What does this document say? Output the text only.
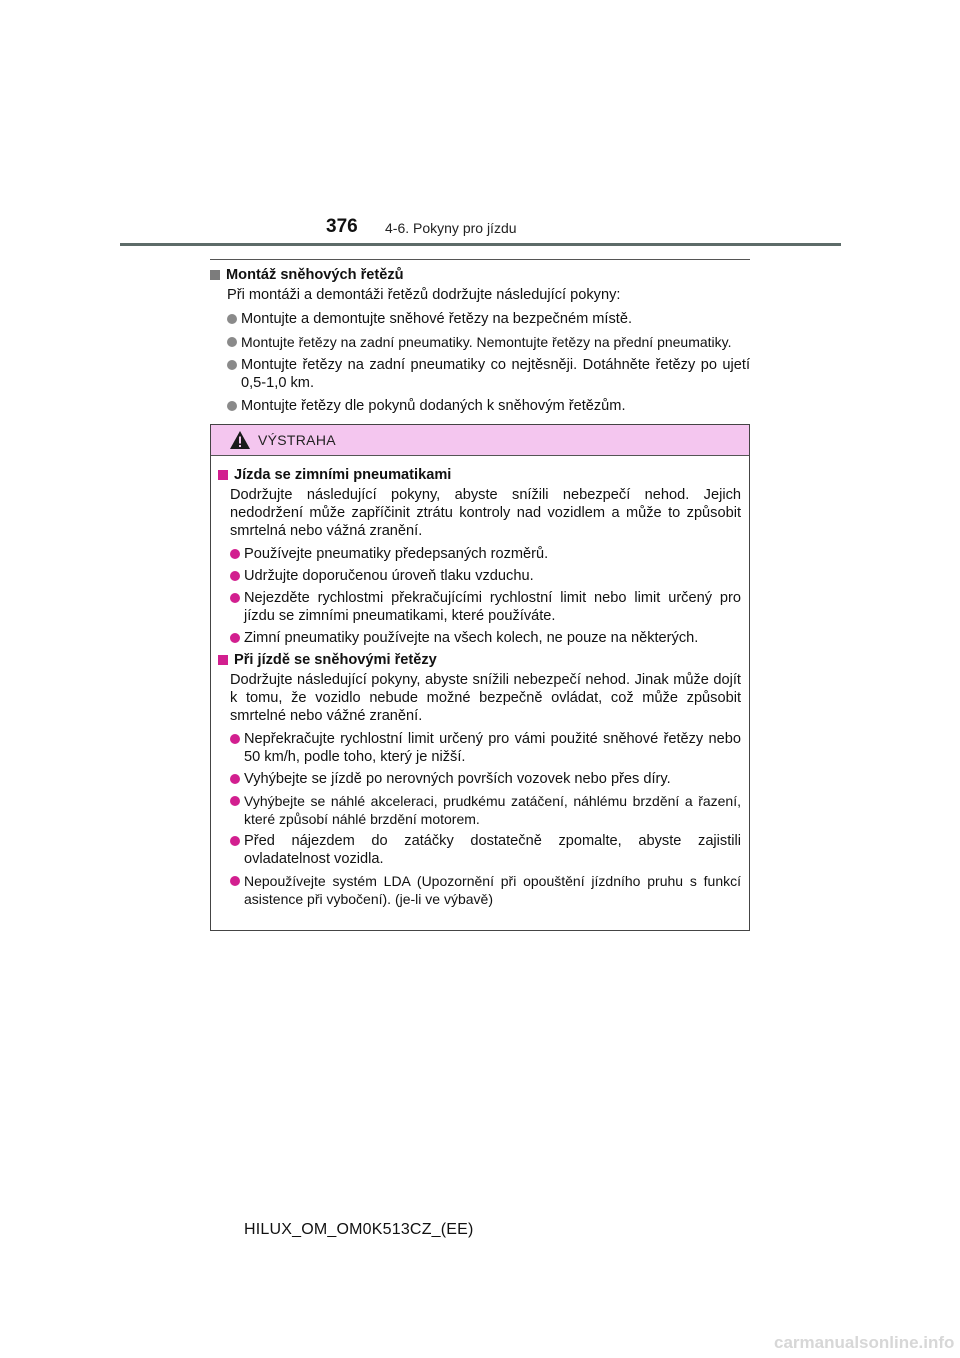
376 4-6. Pokyny pro jízdu
Montáž sněhových řetězů
Při montáži a demontáži řetězů dodržujte následující pokyny:
Montujte a demontujte sněhové řetězy na bezpečném místě.
Montujte řetězy na zadní pneumatiky. Nemontujte řetězy na přední pneumatiky.
Montujte řetězy na zadní pneumatiky co nejtěsněji. Dotáhněte řetězy po ujetí 0,5-1,0 km.
Montujte řetězy dle pokynů dodaných k sněhovým řetězům.
VÝSTRAHA
Jízda se zimními pneumatikami
Dodržujte následující pokyny, abyste snížili nebezpečí nehod. Jejich nedodržení může zapříčinit ztrátu kontroly nad vozidlem a může to způsobit smrtelná nebo vážná zranění.
Používejte pneumatiky předepsaných rozměrů.
Udržujte doporučenou úroveň tlaku vzduchu.
Nejezděte rychlostmi překračujícími rychlostní limit nebo limit určený pro jízdu se zimními pneumatikami, které používáte.
Zimní pneumatiky používejte na všech kolech, ne pouze na některých.
Při jízdě se sněhovými řetězy
Dodržujte následující pokyny, abyste snížili nebezpečí nehod. Jinak může dojít k tomu, že vozidlo nebude možné bezpečně ovládat, což může způsobit smrtelné nebo vážné zranění.
Nepřekračujte rychlostní limit určený pro vámi použité sněhové řetězy nebo 50 km/h, podle toho, který je nižší.
Vyhýbejte se jízdě po nerovných površích vozovek nebo přes díry.
Vyhýbejte se náhlé akceleraci, prudkému zatáčení, náhlému brzdění a řazení, které způsobí náhlé brzdění motorem.
Před nájezdem do zatáčky dostatečně zpomalte, abyste zajistili ovladatelnost vozidla.
Nepoužívejte systém LDA (Upozornění při opouštění jízdního pruhu s funkcí asistence při vybočení). (je-li ve výbavě)
HILUX_OM_OM0K513CZ_(EE)
carmanualsonline.info
